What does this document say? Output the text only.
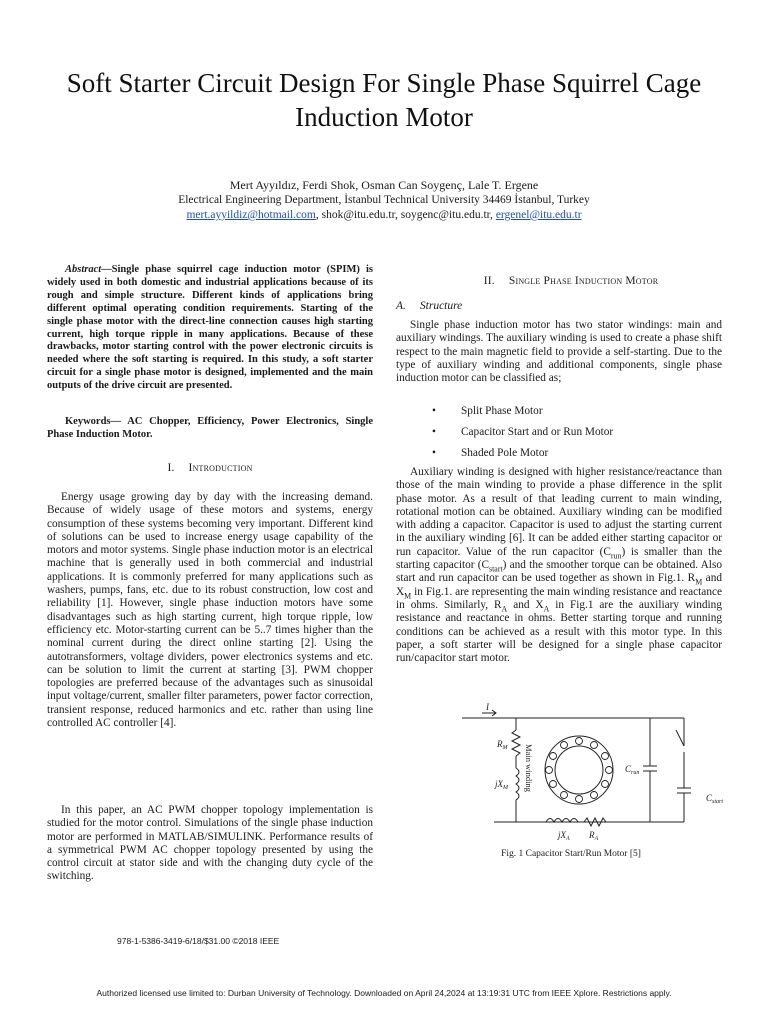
Soft Starter Circuit Design For Single Phase Squirrel Cage Induction Motor
Mert Ayyıldız, Ferdi Shok, Osman Can Soygenç, Lale T. Ergene
Electrical Engineering Department, İstanbul Technical University 34469 İstanbul, Turkey
mert.ayyildiz@hotmail.com, shok@itu.edu.tr, soygenc@itu.edu.tr, ergenel@itu.edu.tr
Abstract—Single phase squirrel cage induction motor (SPIM) is widely used in both domestic and industrial applications because of its rough and simple structure. Different kinds of applications bring different optimal operating condition requirements. Starting of the single phase motor with the direct-line connection causes high starting current, high torque ripple in many applications. Because of these drawbacks, motor starting control with the power electronic circuits is needed where the soft starting is required. In this study, a soft starter circuit for a single phase motor is designed, implemented and the main outputs of the drive circuit are presented.
Keywords— AC Chopper, Efficiency, Power Electronics, Single Phase Induction Motor.
I. Introduction

Energy usage growing day by day with the increasing demand. Because of widely usage of these motors and systems, energy consumption of these systems becoming very important. Different kind of solutions can be used to increase energy usage capability of the motors and motor systems. Single phase induction motor is an electrical machine that is generally used in both commercial and industrial applications. It is commonly preferred for many applications such as washers, pumps, fans, etc. due to its robust construction, low cost and reliability [1]. However, single phase induction motors have some disadvantages such as high starting current, high torque ripple, low efficiency etc. Motor-starting current can be 5..7 times higher than the nominal current during the direct online starting [2]. Using the autotransformers, voltage dividers, power electronics systems and etc. can be solution to limit the current at starting [3]. PWM chopper topologies are preferred because of the advantages such as sinusoidal input voltage/current, smaller filter parameters, power factor correction, transient response, reduced harmonics and etc. rather than using line controlled AC controller [4].

In this paper, an AC PWM chopper topology implementation is studied for the motor control. Simulations of the single phase induction motor are performed in MATLAB/SIMULINK. Performance results of a symmetrical PWM AC chopper topology presented by using the control circuit at stator side and with the changing duty cycle of the switching.

II. Single Phase Induction Motor
A. Structure

Single phase induction motor has two stator windings: main and auxiliary windings. The auxiliary winding is used to create a phase shift respect to the main magnetic field to provide a self-starting. Due to the type of auxiliary winding and additional components, single phase induction motor can be classified as;

• Split Phase Motor
• Capacitor Start and or Run Motor
• Shaded Pole Motor

Auxiliary winding is designed with higher resistance/reactance than those of the main winding to provide a phase difference in the split phase motor. As a result of that leading current to main winding, rotational motion can be obtained. Auxiliary winding can be modified with adding a capacitor. Capacitor is used to adjust the starting current in the auxiliary winding [6]. It can be added either starting capacitor or run capacitor. Value of the run capacitor $(C_{run})$ is smaller than the starting capacitor $(C_{start})$ and the smoother torque can be obtained. Also start and run capacitor can be used together as shown in Fig.1. $R_M$ and $X_M$ in Fig.1. are representing the main winding resistance and reactance in ohms. Similarly, $R_A$ and $X_A$ in Fig.1 are the auxiliary winding resistance and reactance in ohms. Better starting torque and running conditions can be achieved as a result with this motor type. In this paper, a soft starter will be designed for a single phase capacitor run/capacitor start motor.

I
$R_M$
$jX_M$ Main winding
$jX_A$ $R_A$
$C_{run}$
$C_{start}$
Fig. 1 Capacitor Start/Run Motor [5]
978-1-5386-3419-6/18/$31.00 ©2018 IEEE
Authorized licensed use limited to: Durban University of Technology. Downloaded on April 24,2024 at 13:19:31 UTC from IEEE Xplore. Restrictions apply.
